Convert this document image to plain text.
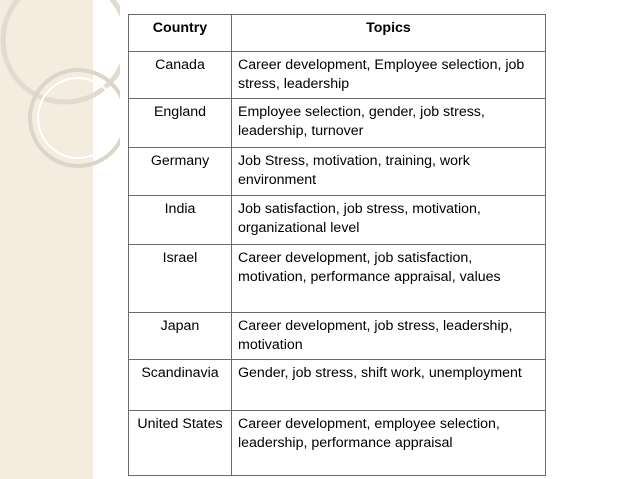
Country	Topics
Canada	Career development, Employee selection, job stress, leadership
England	Employee selection, gender, job stress, leadership, turnover
Germany	Job Stress, motivation, training, work environment
India	Job satisfaction, job stress, motivation, organizational level
Israel	Career development, job satisfaction, motivation, performance appraisal, values
Japan	Career development, job stress, leadership, motivation
Scandinavia	Gender, job stress, shift work, unemployment
United States	Career development, employee selection, leadership, performance appraisal
